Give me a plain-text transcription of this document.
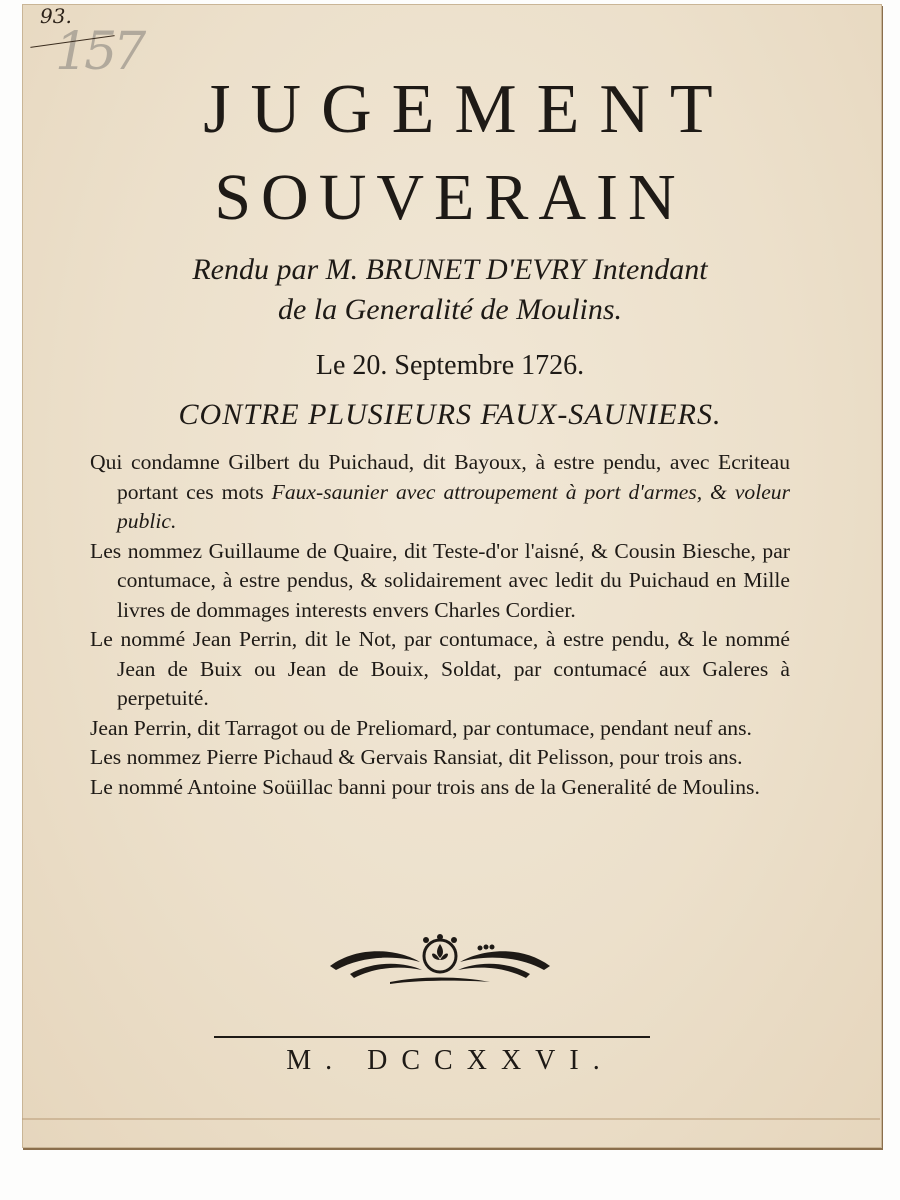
157
93.
JUGEMENT
SOUVERAIN
Rendu par M. BRUNET D'EVRY Intendant
de la Generalité de Moulins.
Le 20. Septembre 1726.
CONTRE PLUSIEURS FAUX-SAUNIERS.

Qui condamne Gilbert du Puichaud, dit Bayoux, à estre pendu, avec Ecriteau portant ces mots Faux-saunier avec attroupement à port d'armes, & voleur public.

Les nommez Guillaume de Quaire, dit Teste-d'or l'aisné, & Cousin Biesche, par contumace, à estre pendus, & solidairement avec ledit du Puichaud en Mille livres de dommages interests envers Charles Cordier.

Le nommé Jean Perrin, dit le Not, par contumace, à estre pendu, & le nommé Jean de Buix ou Jean de Bouix, Soldat, par contumacé aux Galeres à perpetuité.

Jean Perrin, dit Tarragot ou de Preliomard, par contumace, pendant neuf ans.

Les nommez Pierre Pichaud & Gervais Ransiat, dit Pelisson, pour trois ans.

Le nommé Antoine Soüillac banni pour trois ans de la Generalité de Moulins.

M. DCCXXVI.
